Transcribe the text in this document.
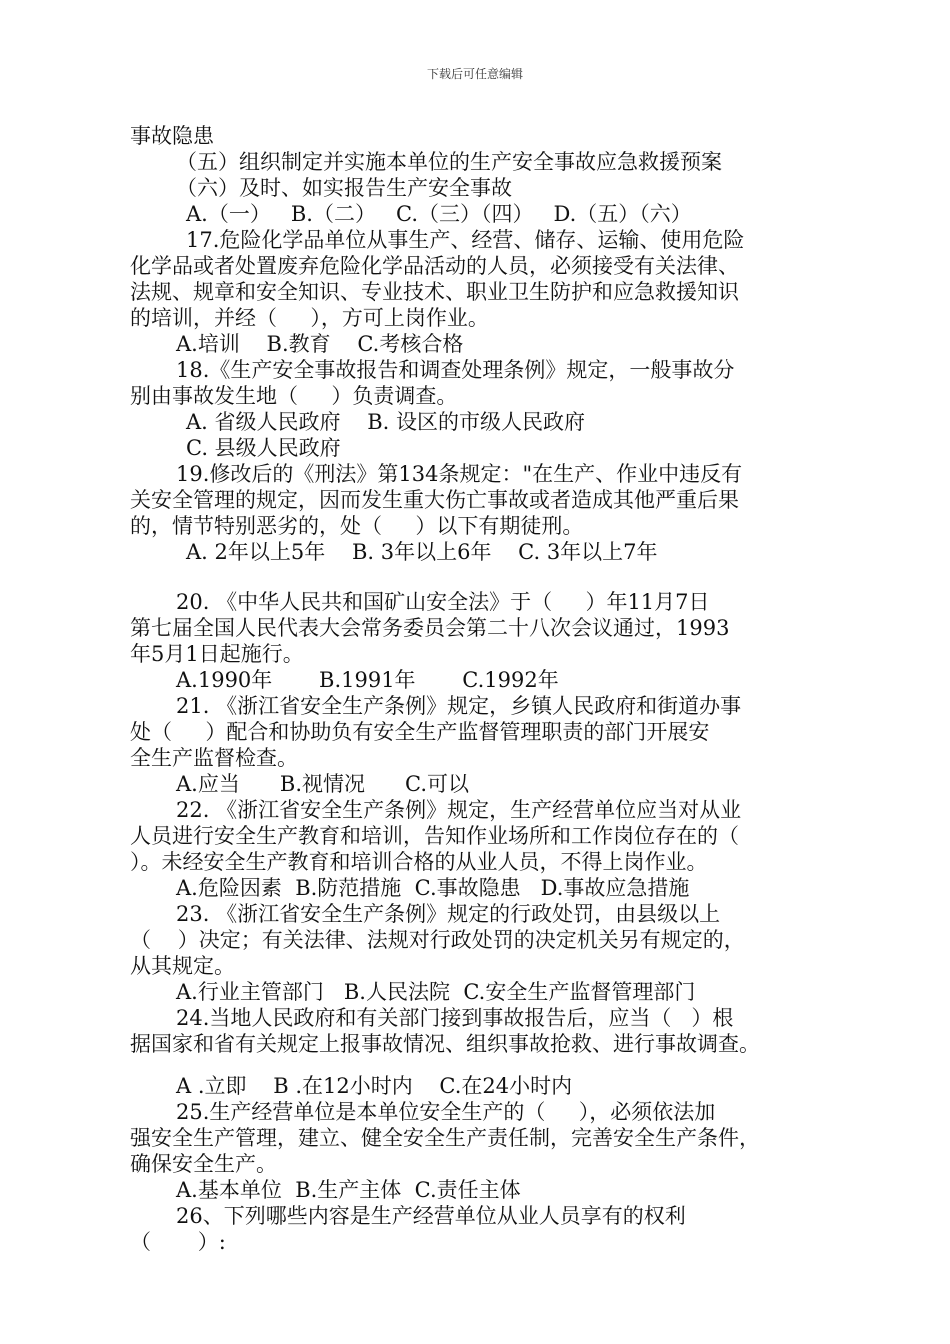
下载后可任意编辑
事故隐患
（五）组织制定并实施本单位的生产安全事故应急救援预案
（六）及时、如实报告生产安全事故
A.（一）   B.（二）   C.（三）（四）   D.（五）（六）
17.危险化学品单位从事生产、经营、储存、运输、使用危险
化学品或者处置废弃危险化学品活动的人员，必须接受有关法律、
法规、规章和安全知识、专业技术、职业卫生防护和应急救援知识
的培训，并经（     ），方可上岗作业。
A.培训    B.教育    C.考核合格
18.《生产安全事故报告和调查处理条例》规定，一般事故分
别由事故发生地（     ）负责调查。
A. 省级人民政府    B. 设区的市级人民政府
C. 县级人民政府
19.修改后的《刑法》第134条规定："在生产、作业中违反有
关安全管理的规定，因而发生重大伤亡事故或者造成其他严重后果
的，情节特别恶劣的，处（     ）以下有期徒刑。
A. 2年以上5年    B. 3年以上6年    C. 3年以上7年
20. 《中华人民共和国矿山安全法》于（     ）年11月7日
第七届全国人民代表大会常务委员会第二十八次会议通过，1993
年5月1日起施行。
A.1990年       B.1991年       C.1992年
21. 《浙江省安全生产条例》规定，乡镇人民政府和街道办事
处（     ）配合和协助负有安全生产监督管理职责的部门开展安
全生产监督检查。
A.应当      B.视情况      C.可以
22. 《浙江省安全生产条例》规定，生产经营单位应当对从业
人员进行安全生产教育和培训，告知作业场所和工作岗位存在的（
）。未经安全生产教育和培训合格的从业人员，不得上岗作业。
A.危险因素  B.防范措施  C.事故隐患   D.事故应急措施
23. 《浙江省安全生产条例》规定的行政处罚，由县级以上
（    ）决定；有关法律、法规对行政处罚的决定机关另有规定的，
从其规定。
A.行业主管部门   B.人民法院  C.安全生产监督管理部门
24.当地人民政府和有关部门接到事故报告后，应当（   ）根
据国家和省有关规定上报事故情况、组织事故抢救、进行事故调查。
A .立即    B .在12小时内    C.在24小时内
25.生产经营单位是本单位安全生产的（     ），必须依法加
强安全生产管理，建立、健全安全生产责任制，完善安全生产条件，
确保安全生产。
A.基本单位  B.生产主体  C.责任主体
26、下列哪些内容是生产经营单位从业人员享有的权利
（       ）:
